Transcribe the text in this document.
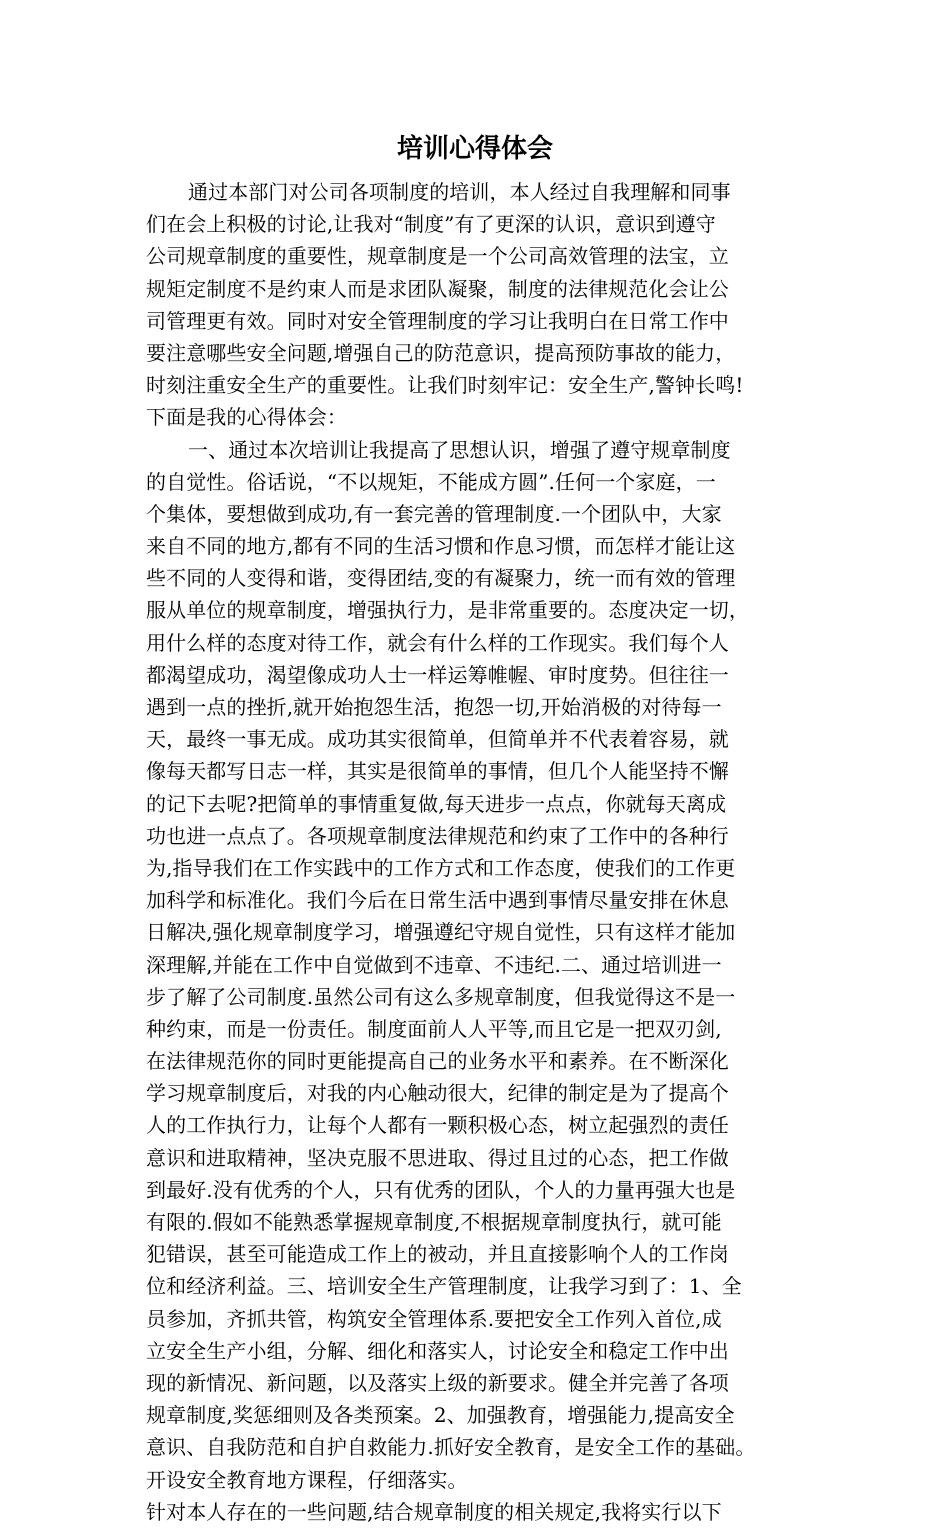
培训心得体会
通过本部门对公司各项制度的培训，本人经过自我理解和同事
们在会上积极的讨论,让我对“制度”有了更深的认识，意识到遵守
公司规章制度的重要性，规章制度是一个公司高效管理的法宝，立
规矩定制度不是约束人而是求团队凝聚，制度的法律规范化会让公
司管理更有效。同时对安全管理制度的学习让我明白在日常工作中
要注意哪些安全问题,增强自己的防范意识，提高预防事故的能力，
时刻注重安全生产的重要性。让我们时刻牢记：安全生产,警钟长鸣!
下面是我的心得体会：
一、通过本次培训让我提高了思想认识，增强了遵守规章制度
的自觉性。俗话说，“不以规矩，不能成方圆”.任何一个家庭，一
个集体，要想做到成功,有一套完善的管理制度.一个团队中，大家
来自不同的地方,都有不同的生活习惯和作息习惯，而怎样才能让这
些不同的人变得和谐，变得团结,变的有凝聚力，统一而有效的管理
服从单位的规章制度，增强执行力，是非常重要的。态度决定一切，
用什么样的态度对待工作，就会有什么样的工作现实。我们每个人
都渴望成功，渴望像成功人士一样运筹帷幄、审时度势。但往往一
遇到一点的挫折,就开始抱怨生活，抱怨一切,开始消极的对待每一
天，最终一事无成。成功其实很简单，但简单并不代表着容易，就
像每天都写日志一样，其实是很简单的事情，但几个人能坚持不懈
的记下去呢?把简单的事情重复做,每天进步一点点，你就每天离成
功也进一点点了。各项规章制度法律规范和约束了工作中的各种行
为,指导我们在工作实践中的工作方式和工作态度，使我们的工作更
加科学和标准化。我们今后在日常生活中遇到事情尽量安排在休息
日解决,强化规章制度学习，增强遵纪守规自觉性，只有这样才能加
深理解,并能在工作中自觉做到不违章、不违纪.二、通过培训进一
步了解了公司制度.虽然公司有这么多规章制度，但我觉得这不是一
种约束，而是一份责任。制度面前人人平等,而且它是一把双刃剑,
在法律规范你的同时更能提高自己的业务水平和素养。在不断深化
学习规章制度后，对我的内心触动很大，纪律的制定是为了提高个
人的工作执行力，让每个人都有一颗积极心态，树立起强烈的责任
意识和进取精神，坚决克服不思进取、得过且过的心态，把工作做
到最好.没有优秀的个人，只有优秀的团队，个人的力量再强大也是
有限的.假如不能熟悉掌握规章制度,不根据规章制度执行，就可能
犯错误，甚至可能造成工作上的被动，并且直接影响个人的工作岗
位和经济利益。三、培训安全生产管理制度，让我学习到了：1、全
员参加，齐抓共管，构筑安全管理体系.要把安全工作列入首位,成
立安全生产小组，分解、细化和落实人，讨论安全和稳定工作中出
现的新情况、新问题，以及落实上级的新要求。健全并完善了各项
规章制度,奖惩细则及各类预案。2、加强教育，增强能力,提高安全
意识、自我防范和自护自救能力.抓好安全教育，是安全工作的基础。
开设安全教育地方课程，仔细落实。
针对本人存在的一些问题,结合规章制度的相关规定,我将实行以下
